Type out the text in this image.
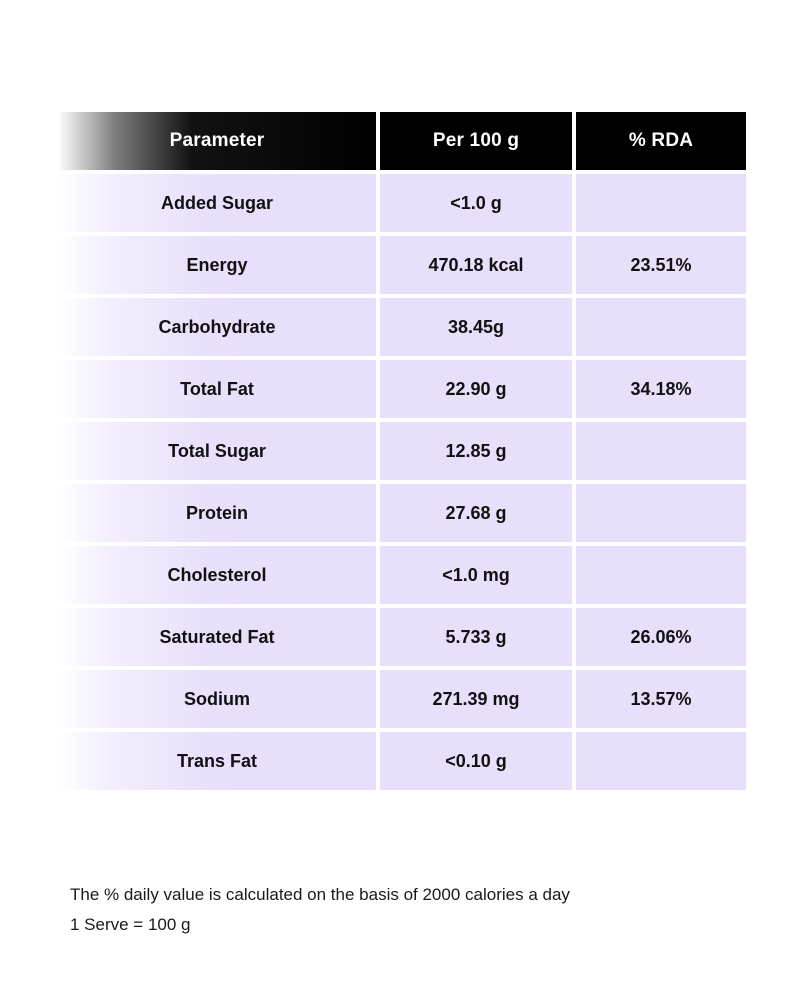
Parameter	Per 100 g	% RDA
Added Sugar	<1.0 g	
Energy	470.18 kcal	23.51%
Carbohydrate	38.45g	
Total Fat	22.90 g	34.18%
Total Sugar	12.85 g	
Protein	27.68 g	
Cholesterol	<1.0 mg	
Saturated Fat	5.733 g	26.06%
Sodium	271.39 mg	13.57%
Trans Fat	<0.10 g	
The % daily value is calculated on the basis of 2000 calories a day
1 Serve = 100 g
